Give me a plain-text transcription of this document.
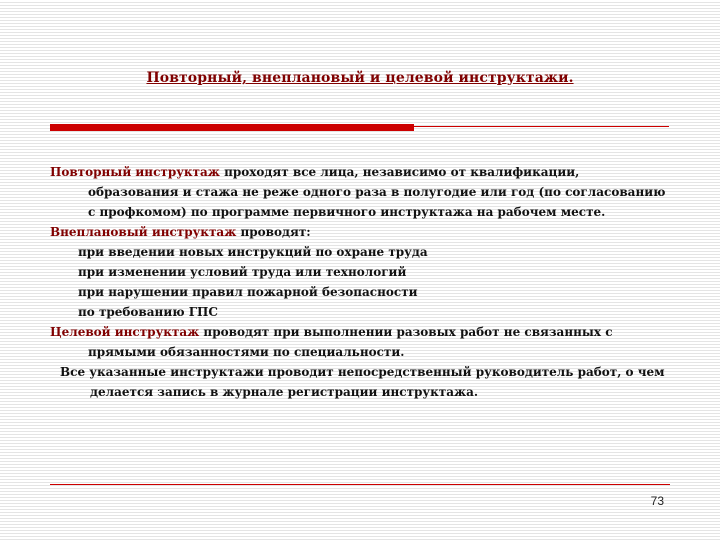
Повторный, внеплановый и целевой инструктажи.
Повторный инструктаж проходят все лица, независимо от квалификации, образования и стажа не реже одного раза в полугодие или год (по согласованию с профкомом) по программе первичного инструктажа на рабочем месте.
Внеплановый инструктаж проводят:
при введении новых инструкций по охране труда
при изменении условий труда или технологий
при нарушении правил пожарной безопасности
по требованию ГПС
Целевой инструктаж проводят при выполнении разовых работ не связанных с прямыми обязанностями по специальности.
Все указанные инструктажи проводит непосредственный руководитель работ, о чем делается запись в журнале регистрации инструктажа.
73
